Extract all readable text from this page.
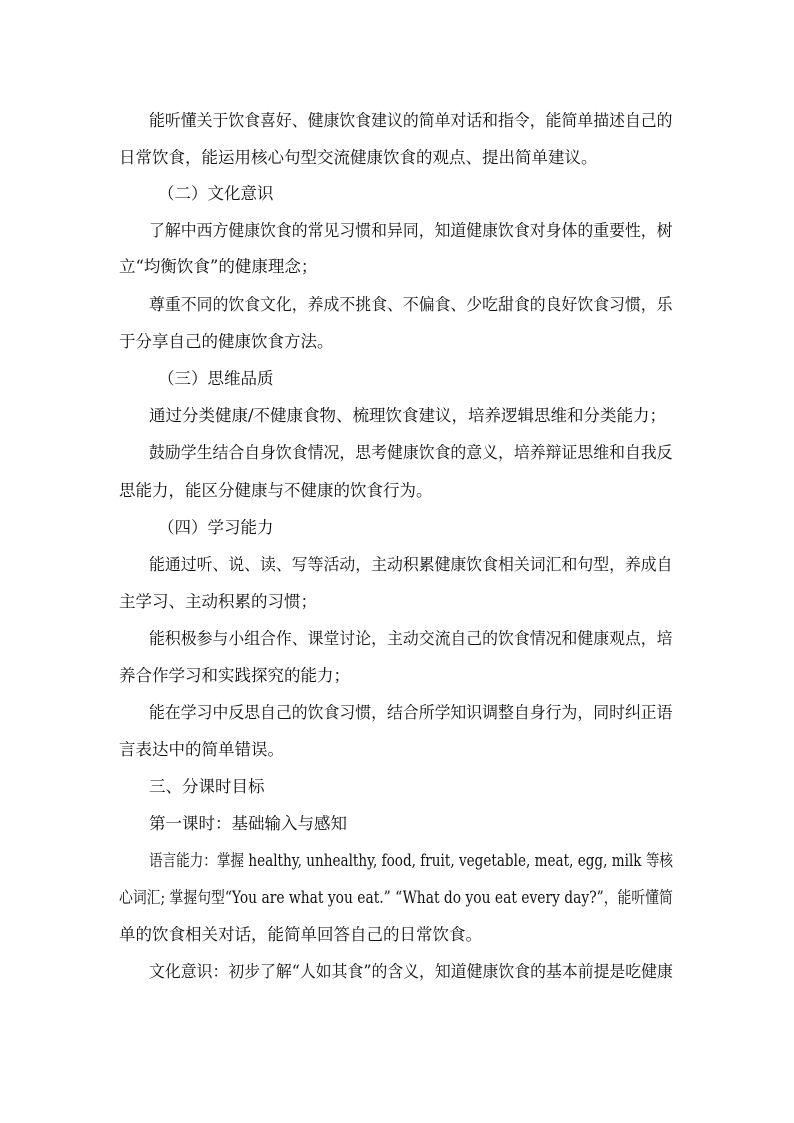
能听懂关于饮食喜好、健康饮食建议的简单对话和指令，能简单描述自己的
日常饮食，能运用核心句型交流健康饮食的观点、提出简单建议。
（二）文化意识
了解中西方健康饮食的常见习惯和异同，知道健康饮食对身体的重要性，树
立“均衡饮食”的健康理念；
尊重不同的饮食文化，养成不挑食、不偏食、少吃甜食的良好饮食习惯，乐
于分享自己的健康饮食方法。
（三）思维品质
通过分类健康/不健康食物、梳理饮食建议，培养逻辑思维和分类能力；
鼓励学生结合自身饮食情况，思考健康饮食的意义，培养辩证思维和自我反
思能力，能区分健康与不健康的饮食行为。
（四）学习能力
能通过听、说、读、写等活动，主动积累健康饮食相关词汇和句型，养成自
主学习、主动积累的习惯；
能积极参与小组合作、课堂讨论，主动交流自己的饮食情况和健康观点，培
养合作学习和实践探究的能力；
能在学习中反思自己的饮食习惯，结合所学知识调整自身行为，同时纠正语
言表达中的简单错误。
三、分课时目标
第一课时：基础输入与感知
语言能力：掌握 healthy, unhealthy, food, fruit, vegetable, meat, egg, milk 等核
心词汇; 掌握句型“You are what you eat.” “What do you eat every day?”，能听懂简
单的饮食相关对话，能简单回答自己的日常饮食。
文化意识：初步了解“人如其食”的含义，知道健康饮食的基本前提是吃健康
